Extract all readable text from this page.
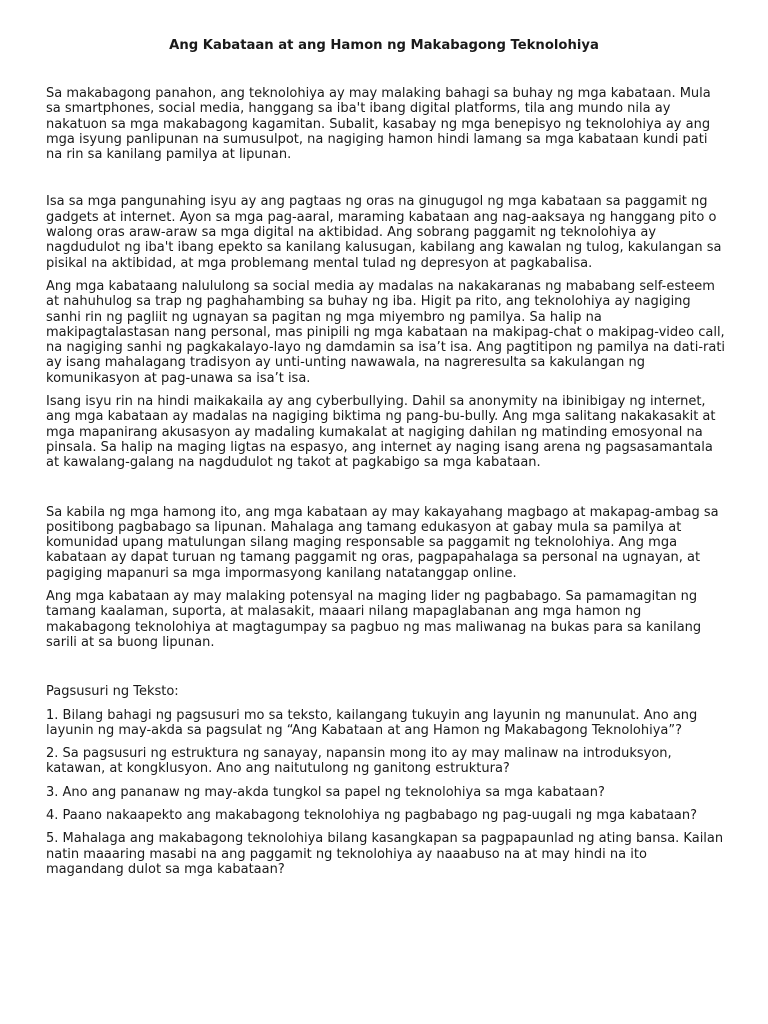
Ang Kabataan at ang Hamon ng Makabagong Teknolohiya

Sa makabagong panahon, ang teknolohiya ay may malaking bahagi sa buhay ng mga kabataan. Mula sa smartphones, social media, hanggang sa iba't ibang digital platforms, tila ang mundo nila ay nakatuon sa mga makabagong kagamitan. Subalit, kasabay ng mga benepisyo ng teknolohiya ay ang mga isyung panlipunan na sumusulpot, na nagiging hamon hindi lamang sa mga kabataan kundi pati na rin sa kanilang pamilya at lipunan.

Isa sa mga pangunahing isyu ay ang pagtaas ng oras na ginugugol ng mga kabataan sa paggamit ng gadgets at internet. Ayon sa mga pag-aaral, maraming kabataan ang nag-aaksaya ng hanggang pito o walong oras araw-araw sa mga digital na aktibidad. Ang sobrang paggamit ng teknolohiya ay nagdudulot ng iba't ibang epekto sa kanilang kalusugan, kabilang ang kawalan ng tulog, kakulangan sa pisikal na aktibidad, at mga problemang mental tulad ng depresyon at pagkabalisa.

Ang mga kabataang nalululong sa social media ay madalas na nakakaranas ng mababang self-esteem at nahuhulog sa trap ng paghahambing sa buhay ng iba. Higit pa rito, ang teknolohiya ay nagiging sanhi rin ng pagliit ng ugnayan sa pagitan ng mga miyembro ng pamilya. Sa halip na makipagtalastasan nang personal, mas pinipili ng mga kabataan na makipag-chat o makipag-video call, na nagiging sanhi ng pagkakalayo-layo ng damdamin sa isa’t isa. Ang pagtitipon ng pamilya na dati-rati ay isang mahalagang tradisyon ay unti-unting nawawala, na nagreresulta sa kakulangan ng komunikasyon at pag-unawa sa isa’t isa.

Isang isyu rin na hindi maikakaila ay ang cyberbullying. Dahil sa anonymity na ibinibigay ng internet, ang mga kabataan ay madalas na nagiging biktima ng pang-bu-bully. Ang mga salitang nakakasakit at mga mapanirang akusasyon ay madaling kumakalat at nagiging dahilan ng matinding emosyonal na pinsala. Sa halip na maging ligtas na espasyo, ang internet ay naging isang arena ng pagsasamantala at kawalang-galang na nagdudulot ng takot at pagkabigo sa mga kabataan.

Sa kabila ng mga hamong ito, ang mga kabataan ay may kakayahang magbago at makapag-ambag sa positibong pagbabago sa lipunan. Mahalaga ang tamang edukasyon at gabay mula sa pamilya at komunidad upang matulungan silang maging responsable sa paggamit ng teknolohiya. Ang mga kabataan ay dapat turuan ng tamang paggamit ng oras, pagpapahalaga sa personal na ugnayan, at pagiging mapanuri sa mga impormasyong kanilang natatanggap online.

Ang mga kabataan ay may malaking potensyal na maging lider ng pagbabago. Sa pamamagitan ng tamang kaalaman, suporta, at malasakit, maaari nilang mapaglabanan ang mga hamon ng makabagong teknolohiya at magtagumpay sa pagbuo ng mas maliwanag na bukas para sa kanilang sarili at sa buong lipunan.

Pagsusuri ng Teksto:

1. Bilang bahagi ng pagsusuri mo sa teksto, kailangang tukuyin ang layunin ng manunulat. Ano ang layunin ng may-akda sa pagsulat ng “Ang Kabataan at ang Hamon ng Makabagong Teknolohiya”?

2. Sa pagsusuri ng estruktura ng sanayay, napansin mong ito ay may malinaw na introduksyon, katawan, at kongklusyon. Ano ang naitutulong ng ganitong estruktura?

3. Ano ang pananaw ng may-akda tungkol sa papel ng teknolohiya sa mga kabataan?

4. Paano nakaapekto ang makabagong teknolohiya ng pagbabago ng pag-uugali ng mga kabataan?

5. Mahalaga ang makabagong teknolohiya bilang kasangkapan sa pagpapaunlad ng ating bansa. Kailan natin maaaring masabi na ang paggamit ng teknolohiya ay naaabuso na at may hindi na ito magandang dulot sa mga kabataan?
